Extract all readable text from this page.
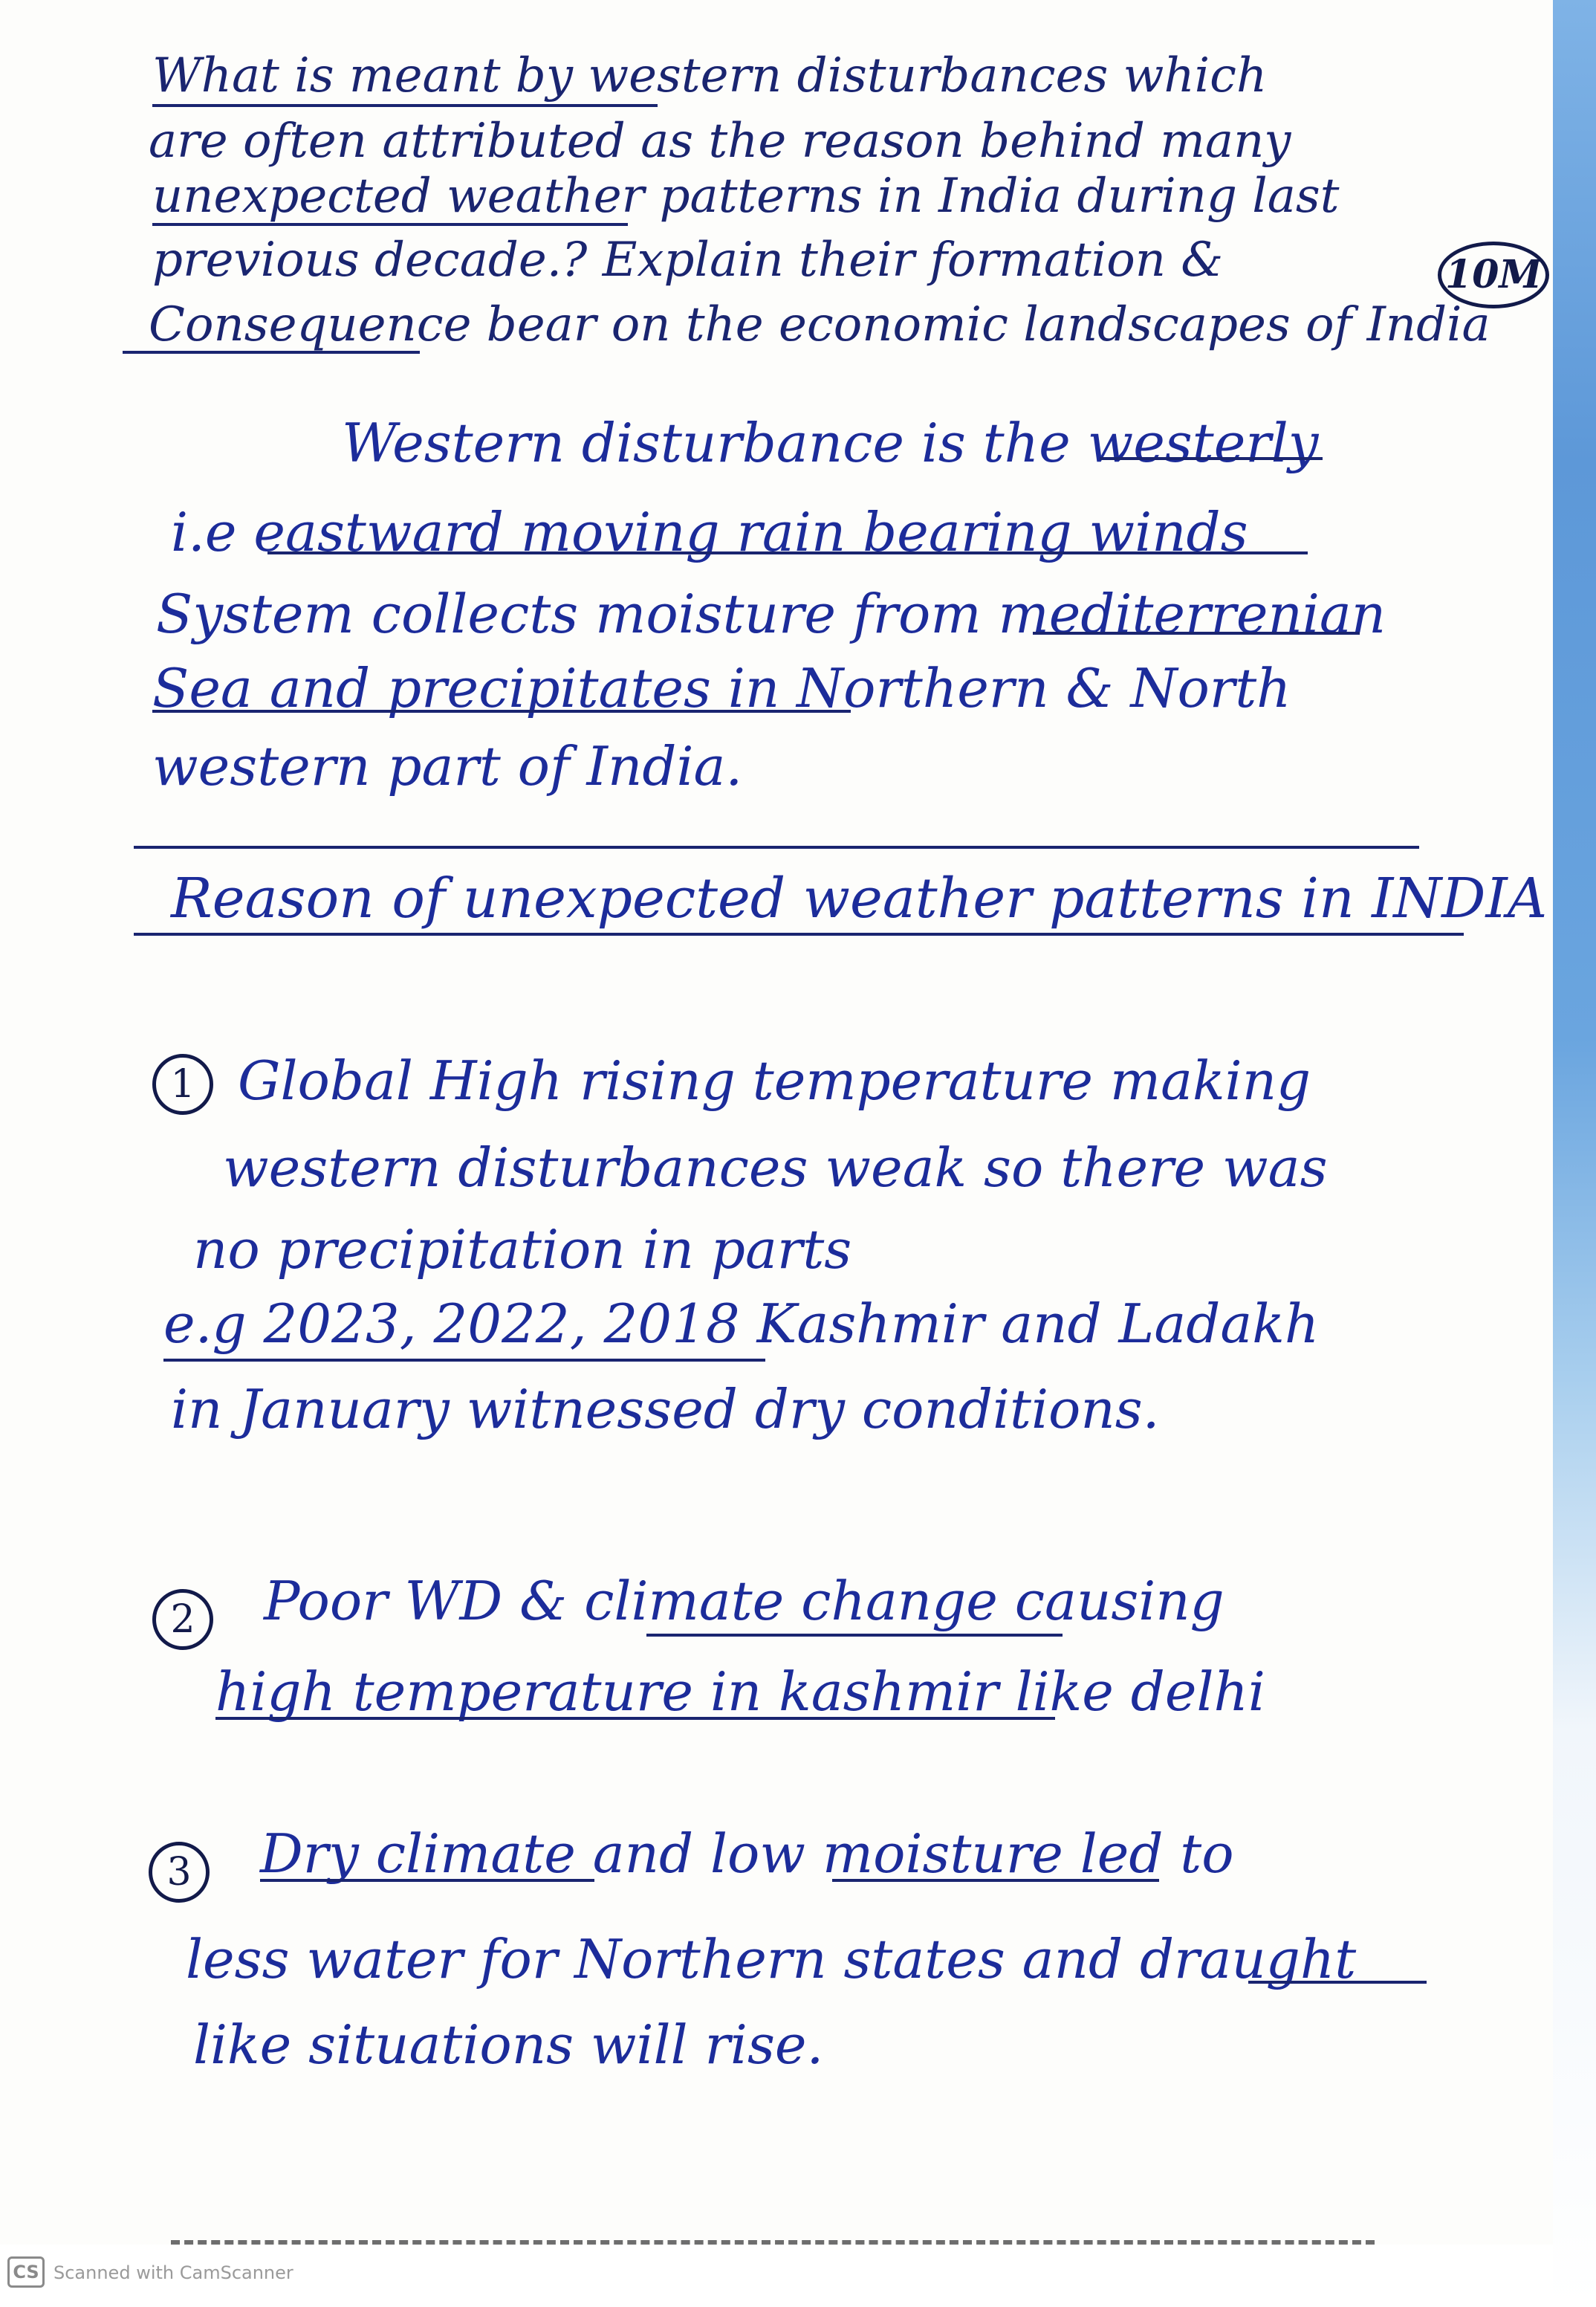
What is meant by western disturbances which
are often attributed as the reason behind many
unexpected weather patterns in India during last
previous decade.? Explain their formation &
Consequence bear on the economic landscapes of India
10M
Western disturbance is the westerly
i.e eastward moving rain bearing winds
System collects moisture from mediterrenian
Sea and precipitates in Northern & North
western part of India.
Reason of unexpected weather patterns in INDIA
1 Global High rising temperature making
western disturbances weak so there was
no precipitation in parts
e.g 2023, 2022, 2018 Kashmir and Ladakh
in January witnessed dry conditions.
2	Poor WD & climate change causing
high temperature in kashmir like delhi
3	Dry climate and low moisture led to
less water for Northern states and draught
like situations will rise.
CS Scanned with CamScanner
